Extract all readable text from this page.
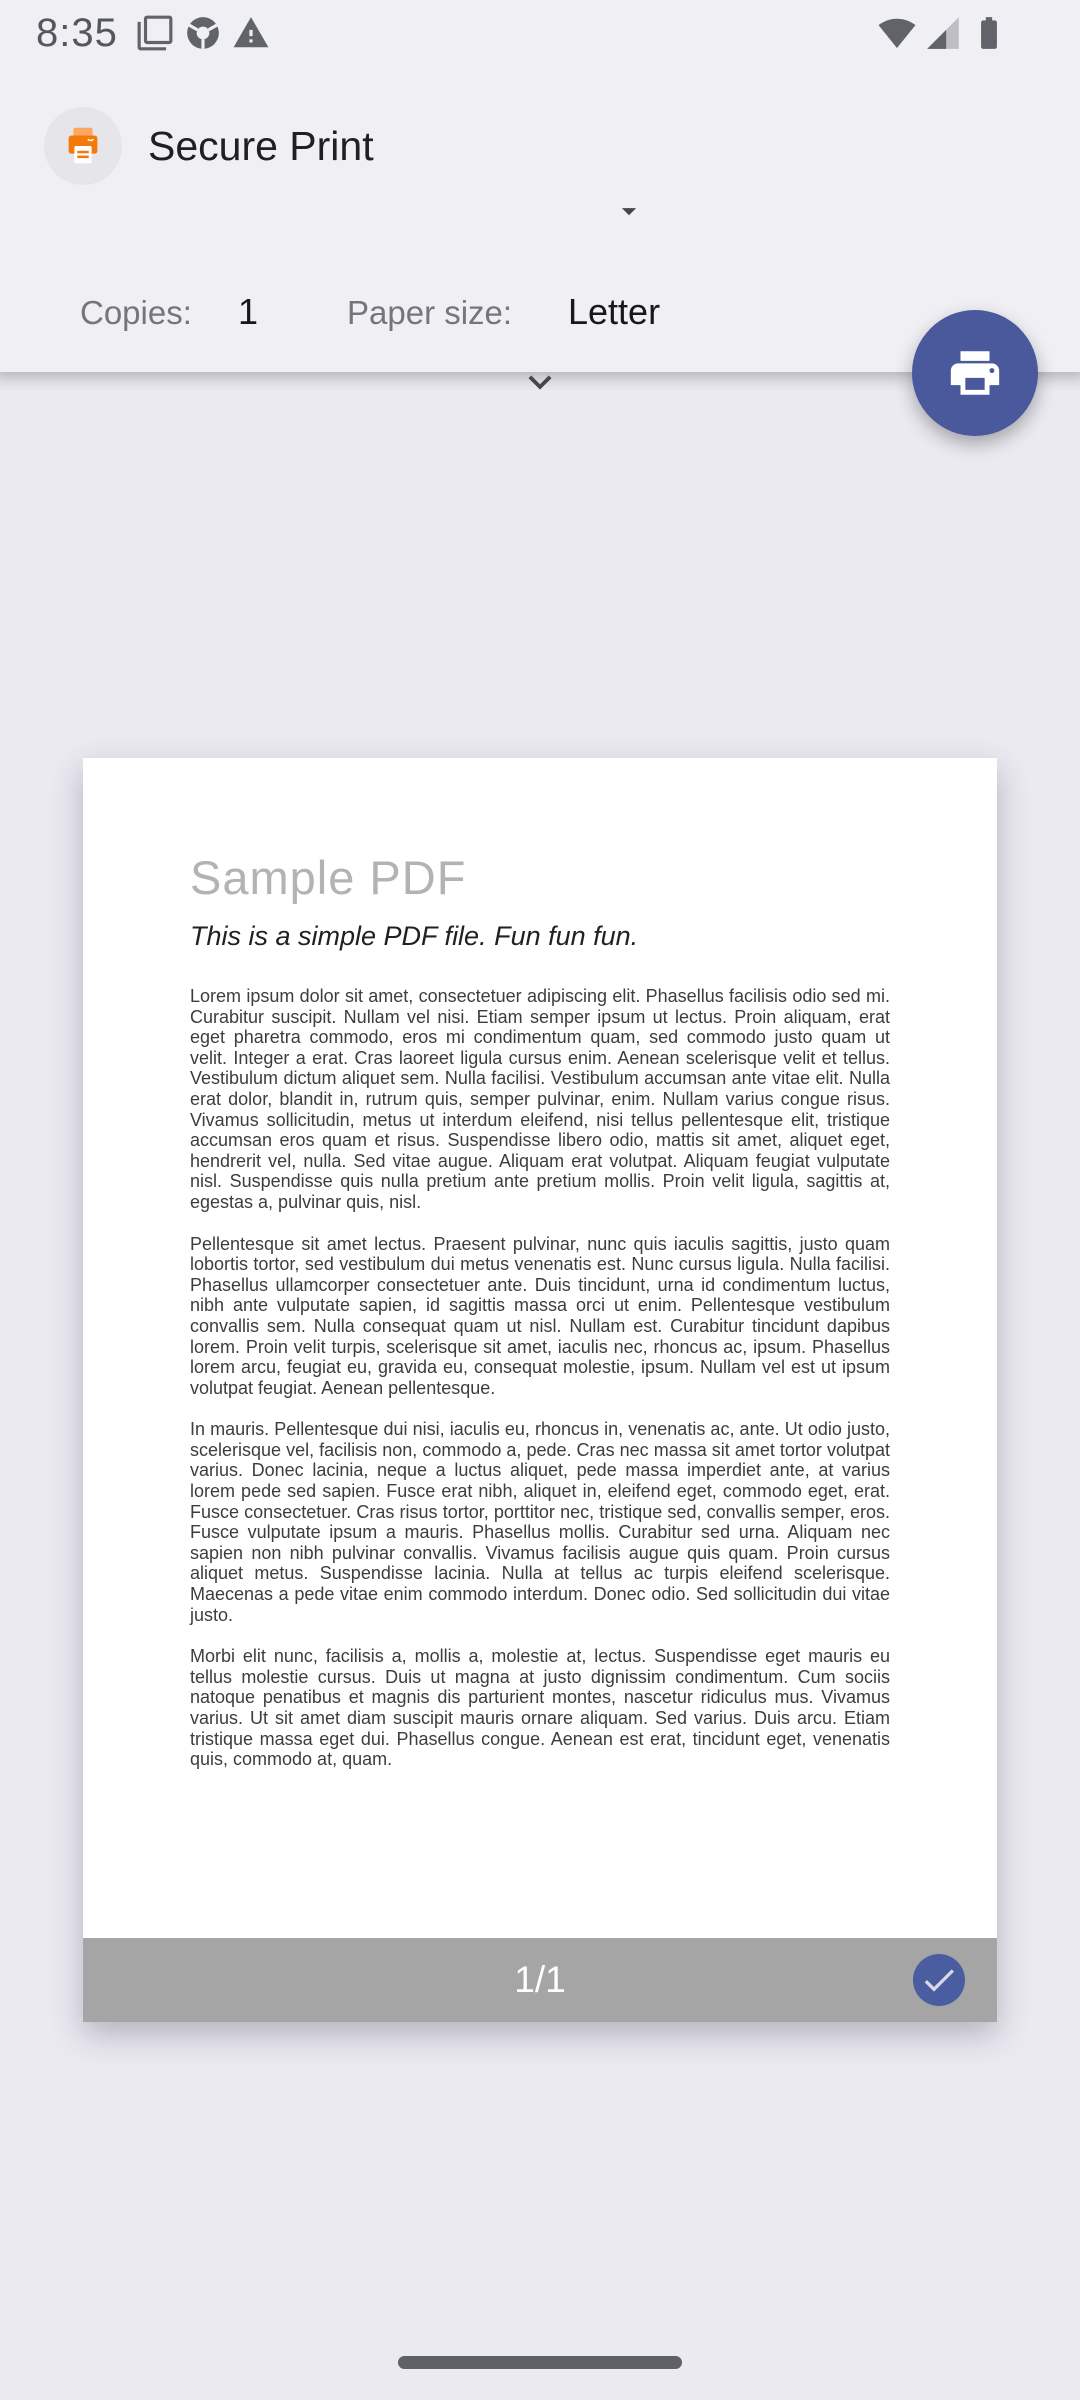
8:35
Secure Print
Copies: 1	Paper size: Letter
Sample PDF
This is a simple PDF file. Fun fun fun.

Lorem ipsum dolor sit amet, consectetuer adipiscing elit. Phasellus facilisis odio sed mi. Curabitur suscipit. Nullam vel nisi. Etiam semper ipsum ut lectus. Proin aliquam, erat eget pharetra commodo, eros mi condimentum quam, sed commodo justo quam ut velit. Integer a erat. Cras laoreet ligula cursus enim. Aenean scelerisque velit et tellus. Vestibulum dictum aliquet sem. Nulla facilisi. Vestibulum accumsan ante vitae elit. Nulla erat dolor, blandit in, rutrum quis, semper pulvinar, enim. Nullam varius congue risus. Vivamus sollicitudin, metus ut interdum eleifend, nisi tellus pellentesque elit, tristique accumsan eros quam et risus. Suspendisse libero odio, mattis sit amet, aliquet eget, hendrerit vel, nulla. Sed vitae augue. Aliquam erat volutpat. Aliquam feugiat vulputate nisl. Suspendisse quis nulla pretium ante pretium mollis. Proin velit ligula, sagittis at, egestas a, pulvinar quis, nisl.

Pellentesque sit amet lectus. Praesent pulvinar, nunc quis iaculis sagittis, justo quam lobortis tortor, sed vestibulum dui metus venenatis est. Nunc cursus ligula. Nulla facilisi. Phasellus ullamcorper consectetuer ante. Duis tincidunt, urna id condimentum luctus, nibh ante vulputate sapien, id sagittis massa orci ut enim. Pellentesque vestibulum convallis sem. Nulla consequat quam ut nisl. Nullam est. Curabitur tincidunt dapibus lorem. Proin velit turpis, scelerisque sit amet, iaculis nec, rhoncus ac, ipsum. Phasellus lorem arcu, feugiat eu, gravida eu, consequat molestie, ipsum. Nullam vel est ut ipsum volutpat feugiat. Aenean pellentesque.

In mauris. Pellentesque dui nisi, iaculis eu, rhoncus in, venenatis ac, ante. Ut odio justo, scelerisque vel, facilisis non, commodo a, pede. Cras nec massa sit amet tortor volutpat varius. Donec lacinia, neque a luctus aliquet, pede massa imperdiet ante, at varius lorem pede sed sapien. Fusce erat nibh, aliquet in, eleifend eget, commodo eget, erat. Fusce consectetuer. Cras risus tortor, porttitor nec, tristique sed, convallis semper, eros. Fusce vulputate ipsum a mauris. Phasellus mollis. Curabitur sed urna. Aliquam nec sapien non nibh pulvinar convallis. Vivamus facilisis augue quis quam. Proin cursus aliquet metus. Suspendisse lacinia. Nulla at tellus ac turpis eleifend scelerisque. Maecenas a pede vitae enim commodo interdum. Donec odio. Sed sollicitudin dui vitae justo.

Morbi elit nunc, facilisis a, mollis a, molestie at, lectus. Suspendisse eget mauris eu tellus molestie cursus. Duis ut magna at justo dignissim condimentum. Cum sociis natoque penatibus et magnis dis parturient montes, nascetur ridiculus mus. Vivamus varius. Ut sit amet diam suscipit mauris ornare aliquam. Sed varius. Duis arcu. Etiam tristique massa eget dui. Phasellus congue. Aenean est erat, tincidunt eget, venenatis quis, commodo at, quam.

1/1
